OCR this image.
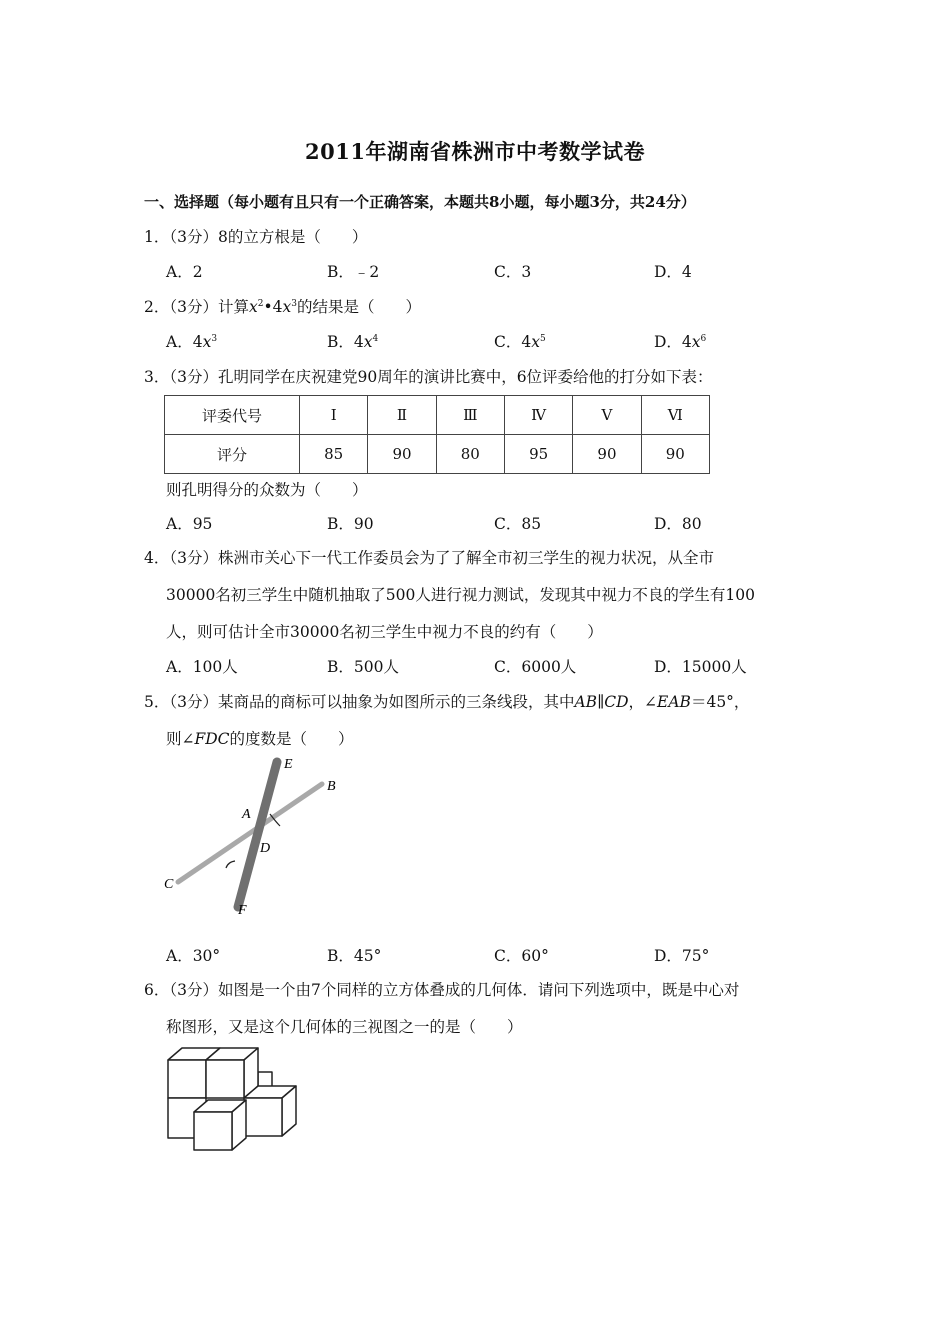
2011年湖南省株洲市中考数学试卷
一、选择题（每小题有且只有一个正确答案，本题共8小题，每小题3分，共24分）
1．（3分）8的立方根是（　　）
A．2	B．﹣2	C．3	D．4
2．（3分）计算$x^2•4x^3$的结果是（　　）
A．$4x^3$	B．$4x^4$	C．$4x^5$	D．$4x^6$
3．（3分）孔明同学在庆祝建党90周年的演讲比赛中，6位评委给他的打分如下表：
评委代号	Ⅰ	Ⅱ	Ⅲ	Ⅳ	Ⅴ	Ⅵ
评分	85	90	80	95	90	90
则孔明得分的众数为（　　）
A．95	B．90	C．85	D．80
4．（3分）株洲市关心下一代工作委员会为了了解全市初三学生的视力状况，从全市
30000名初三学生中随机抽取了500人进行视力测试，发现其中视力不良的学生有100
人，则可估计全市30000名初三学生中视力不良的约有（　　）
A．100人	B．500人	C．6000人	D．15000人
5．（3分）某商品的商标可以抽象为如图所示的三条线段，其中AB∥CD，∠EAB＝45°，
则∠FDC的度数是（　　）
E
B
A
D
C
F
A．30°	B．45°	C．60°	D．75°
6．（3分）如图是一个由7个同样的立方体叠成的几何体．请问下列选项中，既是中心对
称图形，又是这个几何体的三视图之一的是（　　）
